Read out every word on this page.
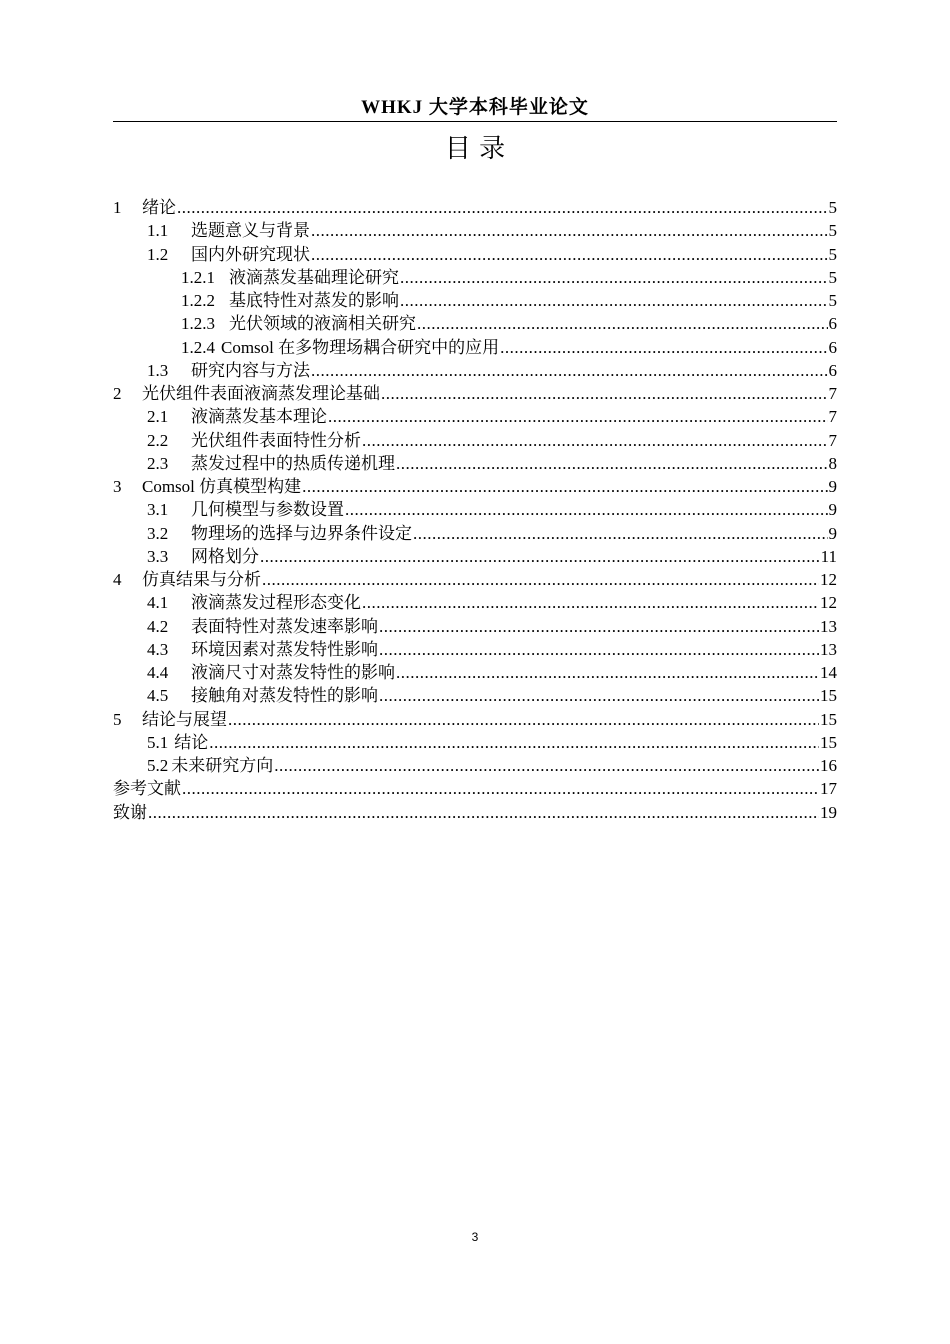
WHKJ 大学本科毕业论文
目 录
1	绪论 .....	5
1.1	选题意义与背景 .....	5
1.2	国内外研究现状 .....	5
1.2.1 液滴蒸发基础理论研究 .....	5
1.2.2 基底特性对蒸发的影响 .....	5
1.2.3 光伏领域的液滴相关研究 .....	6
1.2.4 Comsol 在多物理场耦合研究中的应用 .....	6
1.3	研究内容与方法 .....	6
2	光伏组件表面液滴蒸发理论基础 .....	7
2.1	液滴蒸发基本理论 .....	7
2.2	光伏组件表面特性分析 .....	7
2.3	蒸发过程中的热质传递机理 .....	8
3	Comsol 仿真模型构建 .....	9
3.1	几何模型与参数设置 .....	9
3.2	物理场的选择与边界条件设定 .....	9
3.3	网格划分 .....	11
4	仿真结果与分析 .....	12
4.1	液滴蒸发过程形态变化 .....	12
4.2	表面特性对蒸发速率影响 .....	13
4.3	环境因素对蒸发特性影响 .....	13
4.4	液滴尺寸对蒸发特性的影响 .....	14
4.5	接触角对蒸发特性的影响 .....	15
5	结论与展望 .....	15
5.1 结论 .....	15
5.2 未来研究方向 .....	16
参考文献 .....	17
致谢 .....	19
3
